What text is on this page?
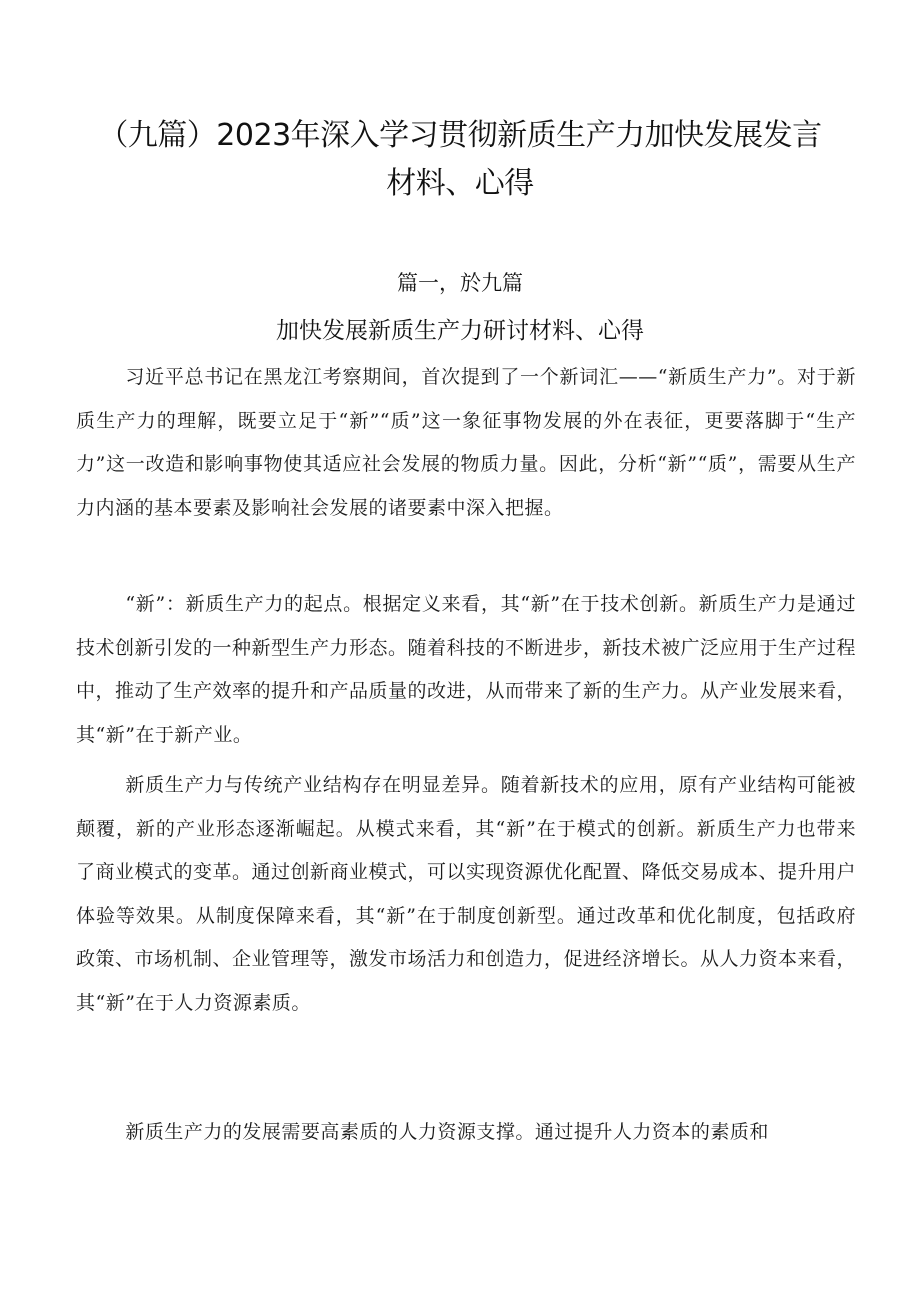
（九篇）2023年深入学习贯彻新质生产力加快发展发言材料、心得
篇一，於九篇
加快发展新质生产力研讨材料、心得

习近平总书记在黑龙江考察期间，首次提到了一个新词汇——“新质生产力”。对于新质生产力的理解，既要立足于“新”“质”这一象征事物发展的外在表征，更要落脚于“生产力”这一改造和影响事物使其适应社会发展的物质力量。因此，分析“新”“质”，需要从生产力内涵的基本要素及影响社会发展的诸要素中深入把握。

“新”：新质生产力的起点。根据定义来看，其“新”在于技术创新。新质生产力是通过技术创新引发的一种新型生产力形态。随着科技的不断进步，新技术被广泛应用于生产过程中，推动了生产效率的提升和产品质量的改进，从而带来了新的生产力。从产业发展来看，其“新”在于新产业。

新质生产力与传统产业结构存在明显差异。随着新技术的应用，原有产业结构可能被颠覆，新的产业形态逐渐崛起。从模式来看，其“新”在于模式的创新。新质生产力也带来了商业模式的变革。通过创新商业模式，可以实现资源优化配置、降低交易成本、提升用户体验等效果。从制度保障来看，其“新”在于制度创新型。通过改革和优化制度，包括政府政策、市场机制、企业管理等，激发市场活力和创造力，促进经济增长。从人力资本来看，其“新”在于人力资源素质。

新质生产力的发展需要高素质的人力资源支撑。通过提升人力资本的素质和
